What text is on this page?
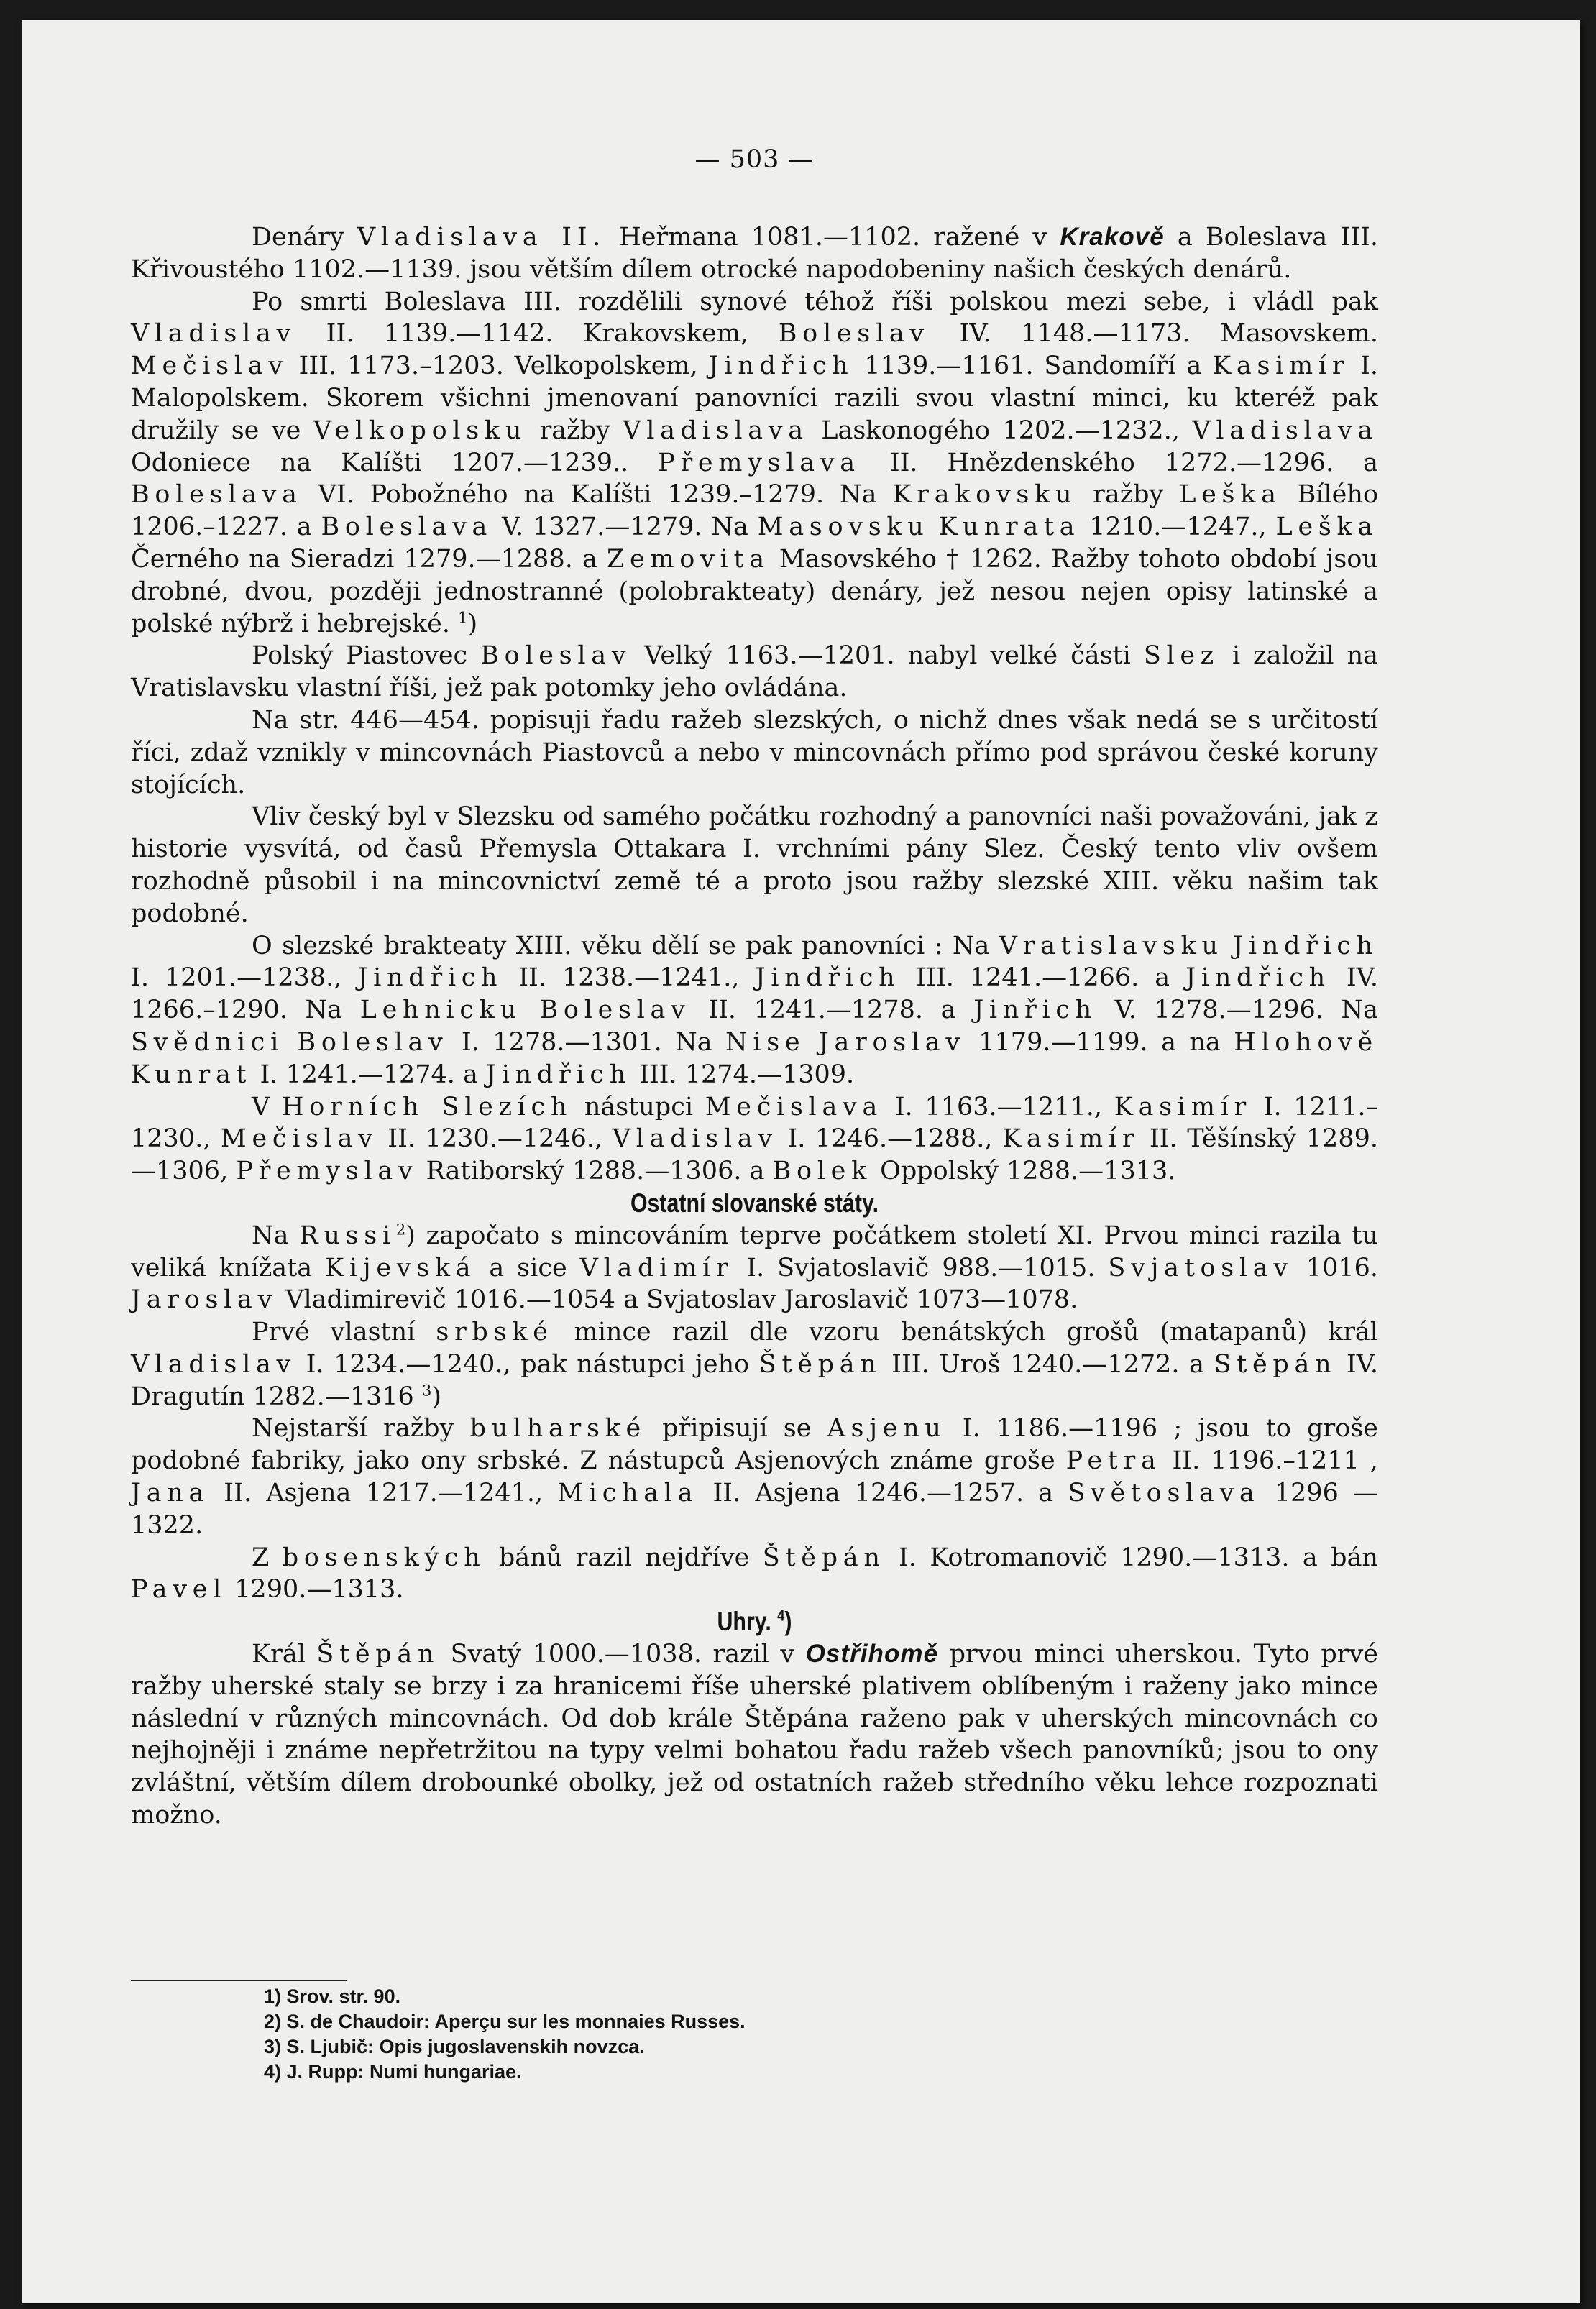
— 503 —

Denáry Vladislava II. Heřmana 1081.—1102. ražené v Krakově a Boleslava III. Křivoustého 1102.—1139. jsou větším dílem otrocké napodobeniny našich českých denárů.

Po smrti Boleslava III. rozdělili synové téhož říši polskou mezi sebe, i vládl pak Vladislav II. 1139.—1142. Krakovskem, Boleslav IV. 1148.—1173. Masovskem. Mečislav III. 1173.–1203. Velkopolskem, Jindřich 1139.—1161. Sandomíří a Kasimír I. Malopolskem. Skorem všichni jmenovaní panovníci razili svou vlastní minci, ku kteréž pak družily se ve Velkopolsku ražby Vladislava Laskonogého 1202.—1232., Vladislava Odoniece na Kalíšti 1207.—1239.. Přemyslava II. Hnězdenského 1272.—1296. a Boleslava VI. Pobožného na Kalíšti 1239.–1279. Na Krakovsku ražby Leška Bílého 1206.–1227. a Boleslava V. 1327.—1279. Na Masovsku Kunrata 1210.—1247., Leška Černého na Sieradzi 1279.—1288. a Zemovita Masovského † 1262. Ražby tohoto období jsou drobné, dvou, později jednostranné (polobrakteaty) denáry, jež nesou nejen opisy latinské a polské nýbrž i hebrejské. $^1$)

Polský Piastovec Boleslav Velký 1163.—1201. nabyl velké části Slez i založil na Vratislavsku vlastní říši, jež pak potomky jeho ovládána.

Na str. 446—454. popisuji řadu ražeb slezských, o nichž dnes však nedá se s určitostí říci, zdaž vznikly v mincovnách Piastovců a nebo v mincovnách přímo pod správou české koruny stojících.

Vliv český byl v Slezsku od samého počátku rozhodný a panovníci naši považováni, jak z historie vysvítá, od časů Přemysla Ottakara I. vrchními pány Slez. Český tento vliv ovšem rozhodně působil i na mincovnictví země té a proto jsou ražby slezské XIII. věku našim tak podobné.

O slezské brakteaty XIII. věku dělí se pak panovníci : Na Vratislavsku Jindřich I. 1201.—1238., Jindřich II. 1238.—1241., Jindřich III. 1241.—1266. a Jindřich IV. 1266.–1290. Na Lehnicku Boleslav II. 1241.—1278. a Jinřich V. 1278.—1296. Na Svědnici Boleslav I. 1278.—1301. Na Nise Jaroslav 1179.—1199. a na Hlohově Kunrat I. 1241.—1274. a Jindřich III. 1274.—1309.

V Horních Slezích nástupci Mečislava I. 1163.—1211., Kasimír I. 1211.–1230., Mečislav II. 1230.—1246., Vladislav I. 1246.—1288., Kasimír II. Těšínský 1289.—1306, Přemyslav Ratiborský 1288.—1306. a Bolek Oppolský 1288.—1313.

Ostatní slovanské státy.

Na Russi$^2$) započato s mincováním teprve počátkem století XI. Prvou minci razila tu veliká knížata Kijevská a sice Vladimír I. Svjatoslavič 988.—1015. Svjatoslav 1016. Jaroslav Vladimirevič 1016.—1054 a Svjatoslav Jaroslavič 1073—1078.

Prvé vlastní srbské mince razil dle vzoru benátských grošů (matapanů) král Vladislav I. 1234.—1240., pak nástupci jeho Štěpán III. Uroš 1240.—1272. a Stěpán IV. Dragutín 1282.—1316 $^3$)

Nejstarší ražby bulharské připisují se Asjenu I. 1186.—1196 ; jsou to groše podobné fabriky, jako ony srbské. Z nástupců Asjenových známe groše Petra II. 1196.–1211 , Jana II. Asjena 1217.—1241., Michala II. Asjena 1246.—1257. a Světoslava 1296 —1322.

Z bosenských bánů razil nejdříve Štěpán I. Kotromanovič 1290.—1313. a bán Pavel 1290.—1313.

Uhry. $^4$)

Král Štěpán Svatý 1000.—1038. razil v Ostřihomě prvou minci uherskou. Tyto prvé ražby uherské staly se brzy i za hranicemi říše uherské plativem oblíbeným i raženy jako mince následní v různých mincovnách. Od dob krále Štěpána raženo pak v uherských mincovnách co nejhojněji i známe nepřetržitou na typy velmi bohatou řadu ražeb všech panovníků; jsou to ony zvláštní, větším dílem drobounké obolky, jež od ostatních ražeb středního věku lehce rozpoznati možno.

1) Srov. str. 90.

2) S. de Chaudoir: Aperçu sur les monnaies Russes.

3) S. Ljubič: Opis jugoslavenskih novzca.

4) J. Rupp: Numi hungariae.
